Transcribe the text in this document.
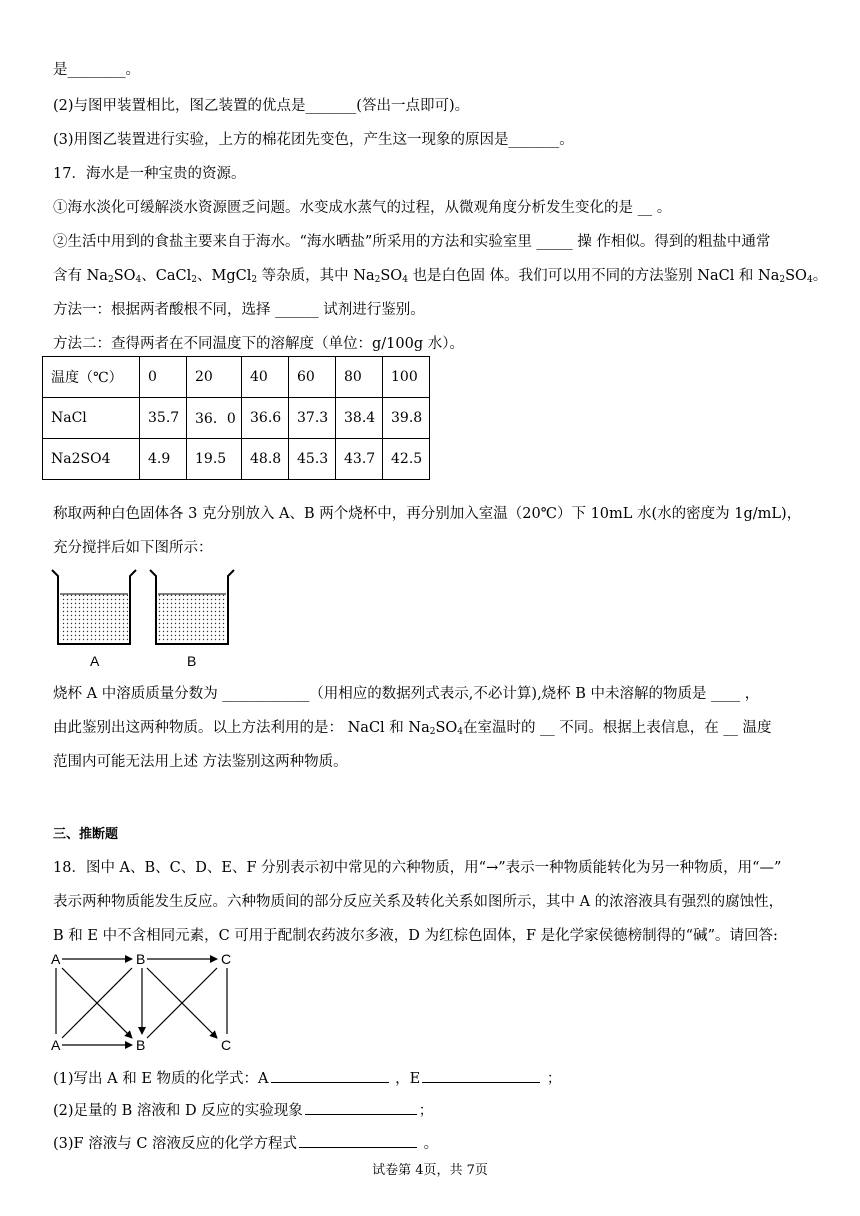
是________。
(2)与图甲装置相比，图乙装置的优点是_______(答出一点即可)。
(3)用图乙装置进行实验，上方的棉花团先变色，产生这一现象的原因是_______。
17．海水是一种宝贵的资源。
①海水淡化可缓解淡水资源匮乏问题。水变成水蒸气的过程，从微观角度分析发生变化的是 __ 。
②生活中用到的食盐主要来自于海水。“海水晒盐”所采用的方法和实验室里 _____ 操 作相似。得到的粗盐中通常
含有 $Na_2SO_4$、CaCl$_2$、MgCl$_2$ 等杂质，其中 $Na_2SO_4$ 也是白色固 体。我们可以用不同的方法鉴别 NaCl 和 $Na_2SO_4$。
方法一：根据两者酸根不同，选择 ______ 试剂进行鉴别。
方法二：查得两者在不同温度下的溶解度（单位：g/100g 水）。
温度（℃）	0	20	40	60	80	100
NaCl	35.7	36．0	36.6	37.3	38.4	39.8
Na2SO4	4.9	19.5	48.8	45.3	43.7	42.5
称取两种白色固体各 3 克分别放入 A、B 两个烧杯中，再分别加入室温（20℃）下 10mL 水(水的密度为 1g/mL)，
充分搅拌后如下图所示：
A	B
烧杯 A 中溶质质量分数为 ____________（用相应的数据列式表示,不必计算),烧杯 B 中未溶解的物质是 ____ ，
由此鉴别出这两种物质。以上方法利用的是： NaCl 和 $Na_2SO_4$在室温时的 __ 不同。根据上表信息，在 __ 温度
范围内可能无法用上述 方法鉴别这两种物质。
三、推断题
18．图中 A、B、C、D、E、F 分别表示初中常见的六种物质，用“→”表示一种物质能转化为另一种物质，用“—”
表示两种物质能发生反应。六种物质间的部分反应关系及转化关系如图所示，其中 A 的浓溶液具有强烈的腐蚀性，
B 和 E 中不含相同元素，C 可用于配制农药波尔多液，D 为红棕色固体，F 是化学家侯德榜制得的“碱”。请回答:
A	B	C
A	B	C
(1)写出 A 和 E 物质的化学式：A	，E	；
(2)足量的 B 溶液和 D 反应的实验现象	；
(3)F 溶液与 C 溶液反应的化学方程式	。
试卷第 4页，共 7页
